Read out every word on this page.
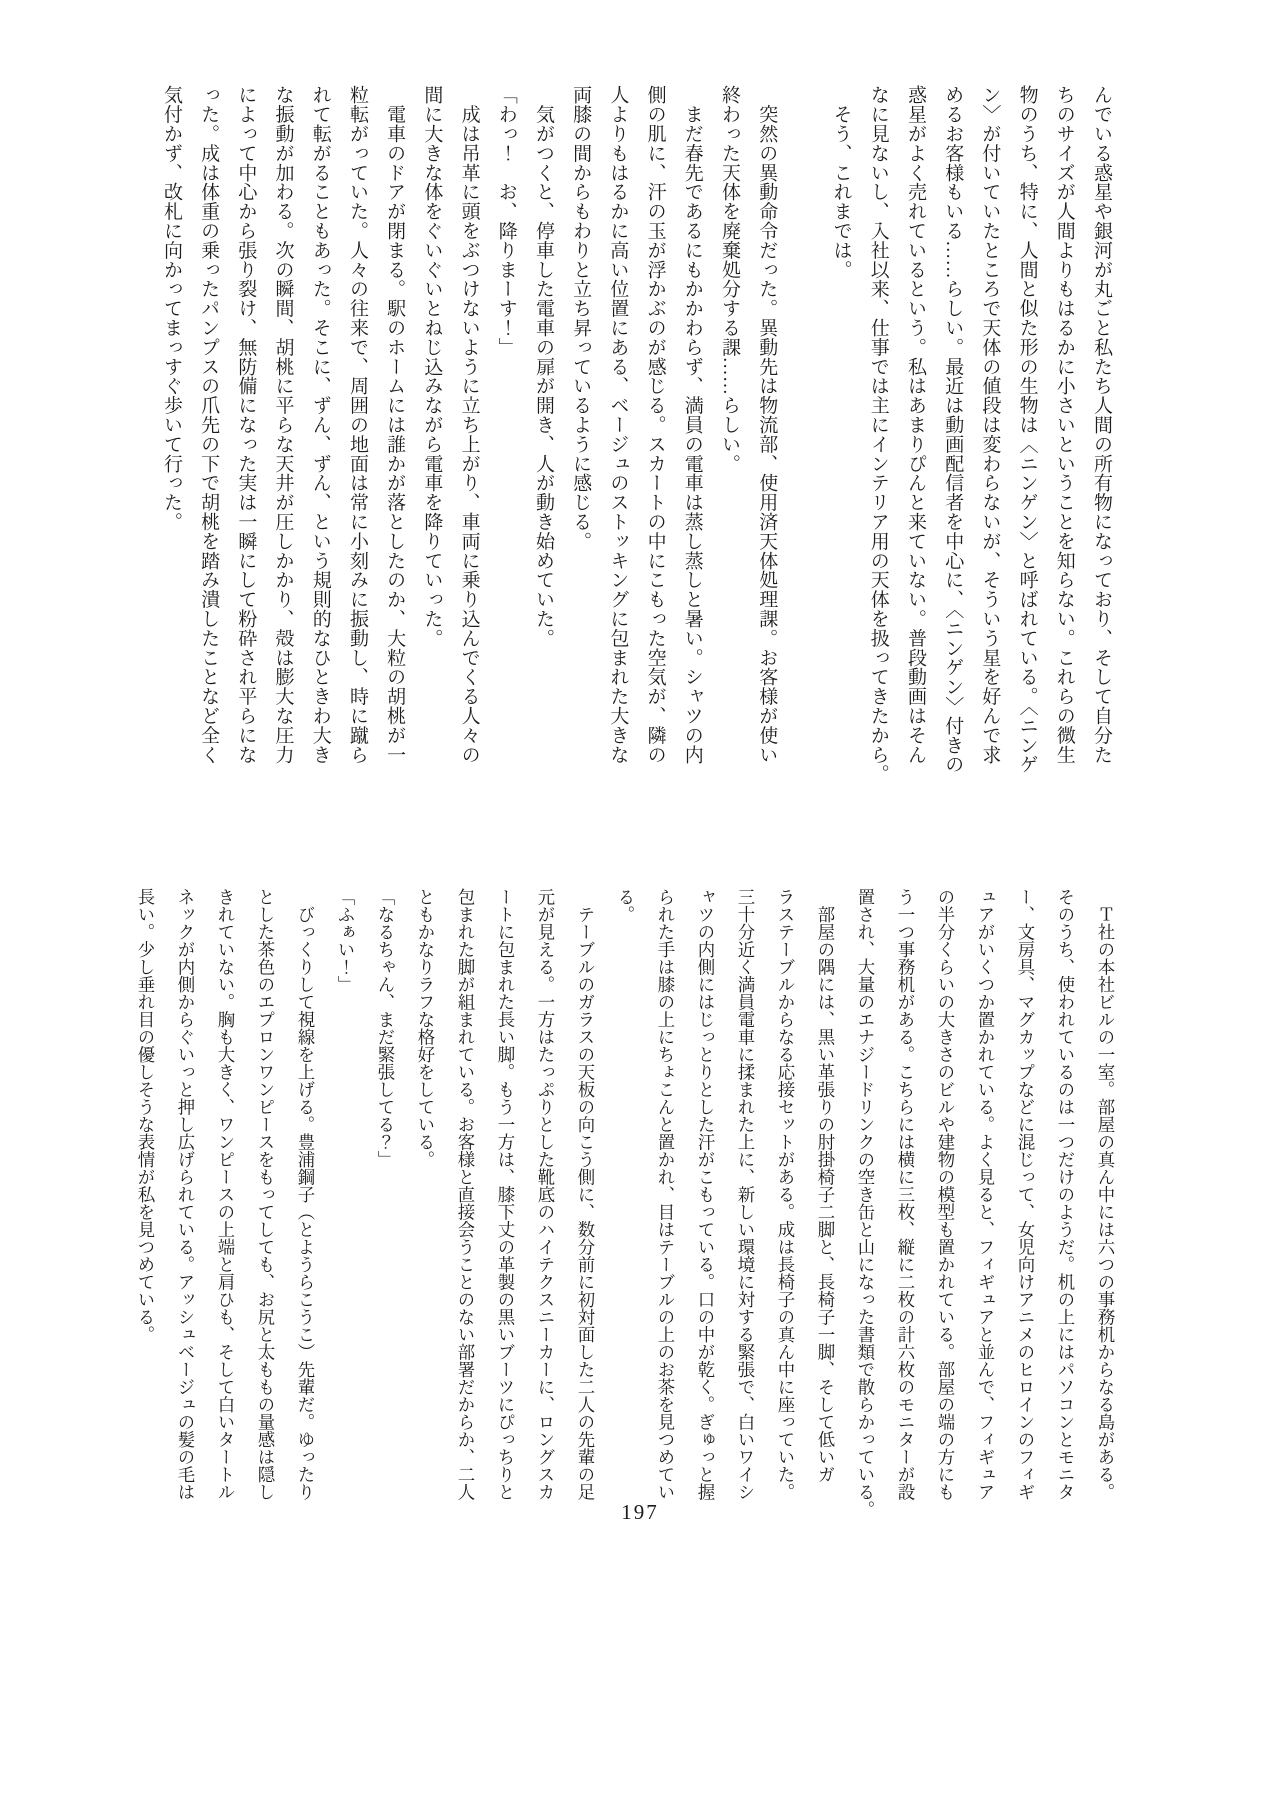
んでいる惑星や銀河が丸ごと私たち人間の所有物になっており、そして自分た
ちのサイズが人間よりもはるかに小さいということを知らない。これらの微生
物のうち、特に、人間と似た形の生物は〈ニンゲン〉と呼ばれている。〈ニンゲ
ン〉が付いていたところで天体の値段は変わらないが、そういう星を好んで求
めるお客様もいる……らしい。最近は動画配信者を中心に、〈ニンゲン〉付きの
惑星がよく売れているという。私はあまりぴんと来ていない。普段動画はそん
なに見ないし、入社以来、仕事では主にインテリア用の天体を扱ってきたから。
　そう、これまでは。
　突然の異動命令だった。異動先は物流部、使用済天体処理課。お客様が使い
終わった天体を廃棄処分する課……らしい。
　まだ春先であるにもかかわらず、満員の電車は蒸し蒸しと暑い。シャツの内
側の肌に、汗の玉が浮かぶのが感じる。スカートの中にこもった空気が、隣の
人よりもはるかに高い位置にある、ベージュのストッキングに包まれた大きな
両膝の間からもわりと立ち昇っているように感じる。
　気がつくと、停車した電車の扉が開き、人が動き始めていた。
「わっ！　お、降りまーす！」
　成は吊革に頭をぶつけないように立ち上がり、車両に乗り込んでくる人々の
間に大きな体をぐいぐいとねじ込みながら電車を降りていった。
　電車のドアが閉まる。駅のホームには誰かが落としたのか、大粒の胡桃が一
粒転がっていた。人々の往来で、周囲の地面は常に小刻みに振動し、時に蹴ら
れて転がることもあった。そこに、ずん、ずん、という規則的なひときわ大き
な振動が加わる。次の瞬間、胡桃に平らな天井が圧しかかり、殻は膨大な圧力
によって中心から張り裂け、無防備になった実は一瞬にして粉砕され平らにな
った。成は体重の乗ったパンプスの爪先の下で胡桃を踏み潰したことなど全く
気付かず、改札に向かってまっすぐ歩いて行った。
　Ｔ社の本社ビルの一室。部屋の真ん中には六つの事務机からなる島がある。
そのうち、使われているのは一つだけのようだ。机の上にはパソコンとモニタ
ー、文房具、マグカップなどに混じって、女児向けアニメのヒロインのフィギ
ュアがいくつか置かれている。よく見ると、フィギュアと並んで、フィギュア
の半分くらいの大きさのビルや建物の模型も置かれている。部屋の端の方にも
う一つ事務机がある。こちらには横に三枚、縦に二枚の計六枚のモニターが設
置され、大量のエナジードリンクの空き缶と山になった書類で散らかっている。
　部屋の隅には、黒い革張りの肘掛椅子二脚と、長椅子一脚、そして低いガ
ラステーブルからなる応接セットがある。成は長椅子の真ん中に座っていた。
三十分近く満員電車に揉まれた上に、新しい環境に対する緊張で、白いワイシ
ャツの内側にはじっとりとした汗がこもっている。口の中が乾く。ぎゅっと握
られた手は膝の上にちょこんと置かれ、目はテーブルの上のお茶を見つめてい
る。
　テーブルのガラスの天板の向こう側に、数分前に初対面した二人の先輩の足
元が見える。一方はたっぷりとした靴底のハイテクスニーカーに、ロングスカ
ートに包まれた長い脚。もう一方は、膝下丈の革製の黒いブーツにぴっちりと
包まれた脚が組まれている。お客様と直接会うことのない部署だからか、二人
ともかなりラフな格好をしている。
「なるちゃん、まだ緊張してる？」
「ふぁい！」
　びっくりして視線を上げる。豊浦鋼子（とようらこうこ）先輩だ。ゆったり
とした茶色のエプロンワンピースをもってしても、お尻と太ももの量感は隠し
きれていない。胸も大きく、ワンピースの上端と肩ひも、そして白いタートル
ネックが内側からぐいっと押し広げられている。アッシュベージュの髪の毛は
長い。少し垂れ目の優しそうな表情が私を見つめている。
197
